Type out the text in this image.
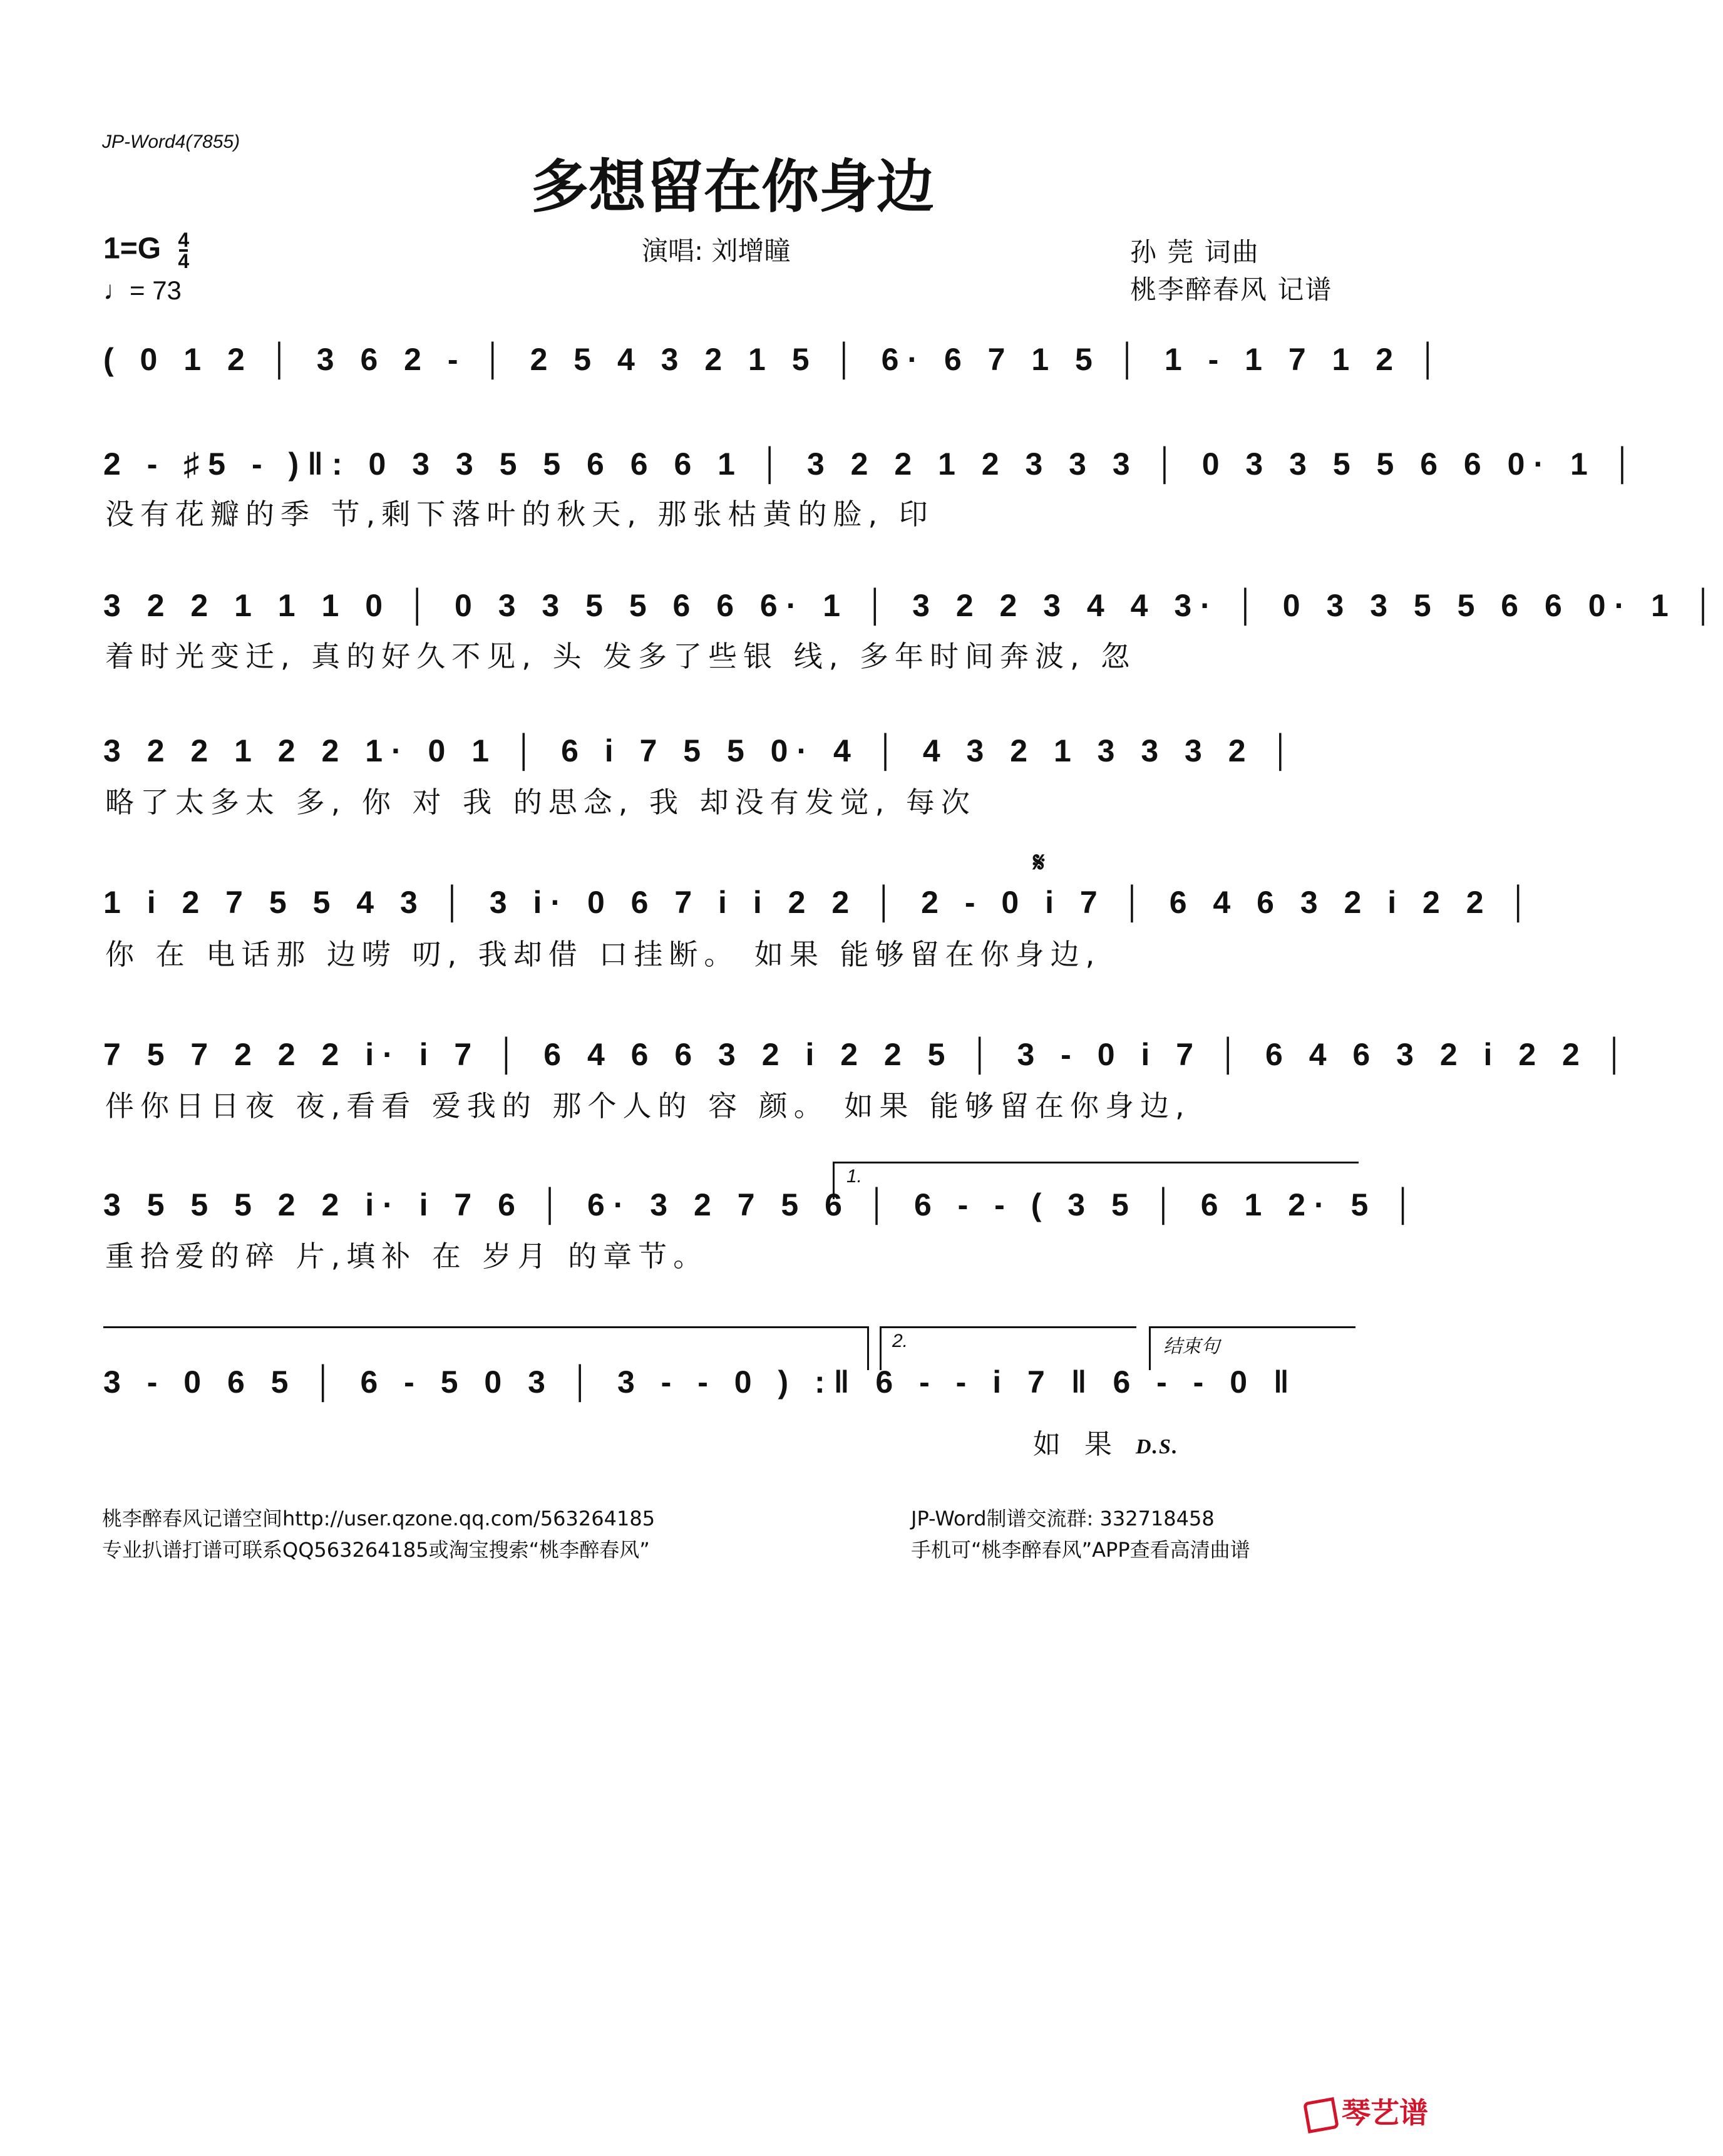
JP-Word4(7855)
多想留在你身边
$1=G \frac{4}{4}$
♩= 73
演唱: 刘增瞳	孙 莞 词曲
桃李醉春风 记谱
( 0 1 2 │ 3 6 2 - │ 2 5 4 3 2 1 5 │ 6· 6 7 1 5 │ 1 - 1 7 1 2 │
2 - ♯5 - )‖: 0 3 3 5 5 6 6 6 1 │ 3 2 2 1 2 3 3 3 │ 0 3 3 5 5 6 6 0· 1 │
没有花瓣的季 节,剩下落叶的秋天, 那张枯黄的脸, 印
3 2 2 1 1 1 0 │ 0 3 3 5 5 6 6 6· 1 │ 3 2 2 3 4 4 3· │ 0 3 3 5 5 6 6 0· 1 │
着时光变迁, 真的好久不见, 头 发多了些银 线, 多年时间奔波, 忽
3 2 2 1 2 2 1· 0 1 │ 6 i 7 5 5 0· 4 │ 4 3 2 1 3 3 3 2 │
略了太多太 多, 你 对 我 的思念, 我 却没有发觉, 每次
𝄋
1 i 2 7 5 5 4 3 │ 3 i· 0 6 7 i i 2 2 │ 2 - 0 i 7 │ 6 4 6 3 2 i 2 2 │
你 在 电话那 边唠 叨, 我却借 口挂断。 如果 能够留在你身边,
7 5 7 2 2 2 i· i 7 │ 6 4 6 6 3 2 i 2 2 5 │ 3 - 0 i 7 │ 6 4 6 3 2 i 2 2 │
伴你日日夜 夜,看看 爱我的 那个人的 容 颜。 如果 能够留在你身边,
1.
3 5 5 5 2 2 i· i 7 6 │ 6· 3 2 7 5 6 │ 6 - - ( 3 5 │ 6 1 2· 5 │
重拾爱的碎 片,填补 在 岁月 的章节。
2.	结束句
3 - 0 6 5 │ 6 - 5 0 3 │ 3 - - 0 ) :‖ 6 - - i 7 ‖ 6 - - 0 ‖
如 果 D.S.
桃李醉春风记谱空间http://user.qzone.qq.com/563264185
专业扒谱打谱可联系QQ563264185或淘宝搜索“桃李醉春风”
JP-Word制谱交流群: 332718458
手机可“桃李醉春风”APP查看高清曲谱
琴艺谱
